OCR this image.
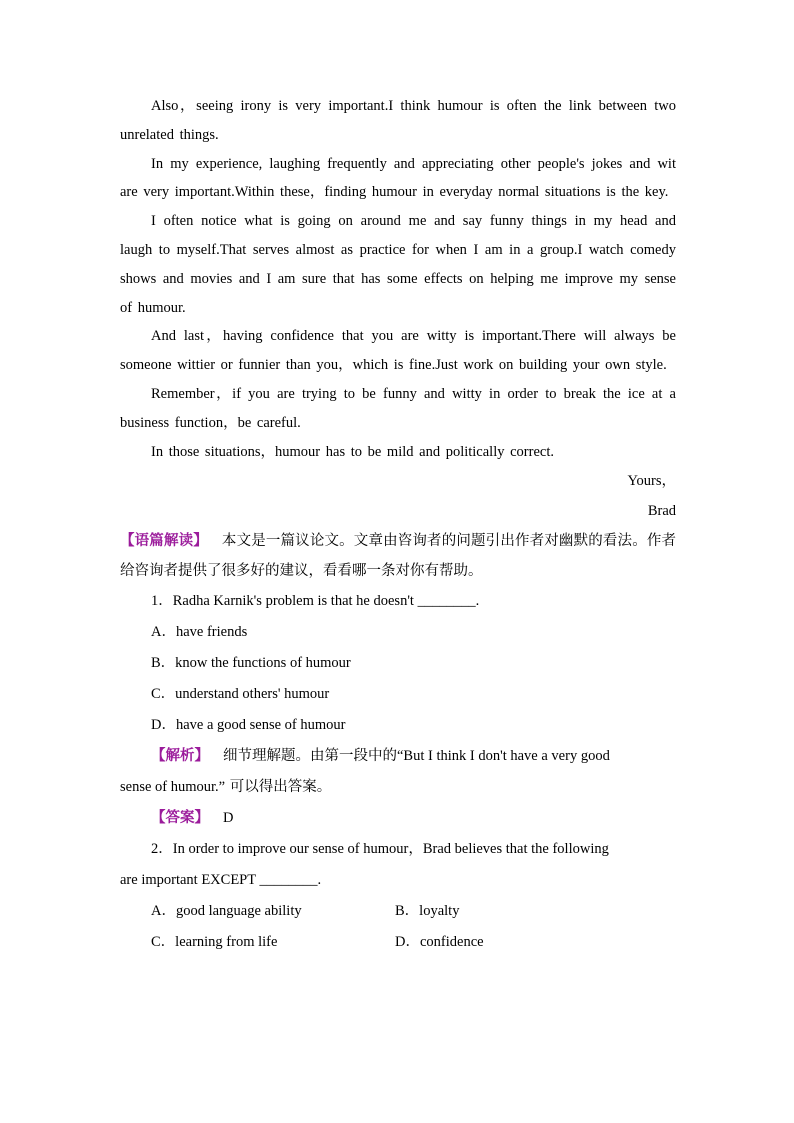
Also，seeing irony is very important.I think humour is often the link between two unrelated things.

In my experience, laughing frequently and appreciating other people's jokes and wit are very important.Within these，finding humour in everyday normal situations is the key.

I often notice what is going on around me and say funny things in my head and laugh to myself.That serves almost as practice for when I am in a group.I watch comedy shows and movies and I am sure that has some effects on helping me improve my sense of humour.

And last，having confidence that you are witty is important.There will always be someone wittier or funnier than you，which is fine.Just work on building your own style.

Remember，if you are trying to be funny and witty in order to break the ice at a business function，be careful.

In those situations，humour has to be mild and politically correct.

Yours，

Brad

【语篇解读】 本文是一篇议论文。文章由咨询者的问题引出作者对幽默的看法。作者给咨询者提供了很多好的建议，看看哪一条对你有帮助。

1．Radha Karnik's problem is that he doesn't ________.

A．have friends

B．know the functions of humour

C．understand others' humour

D．have a good sense of humour

【解析】 细节理解题。由第一段中的“But I think I don't have a very good

sense of humour.” 可以得出答案。

【答案】 D

2．In order to improve our sense of humour，Brad believes that the following

are important EXCEPT ________.

A．good language ability	B．loyalty
C．learning from life	D．confidence
